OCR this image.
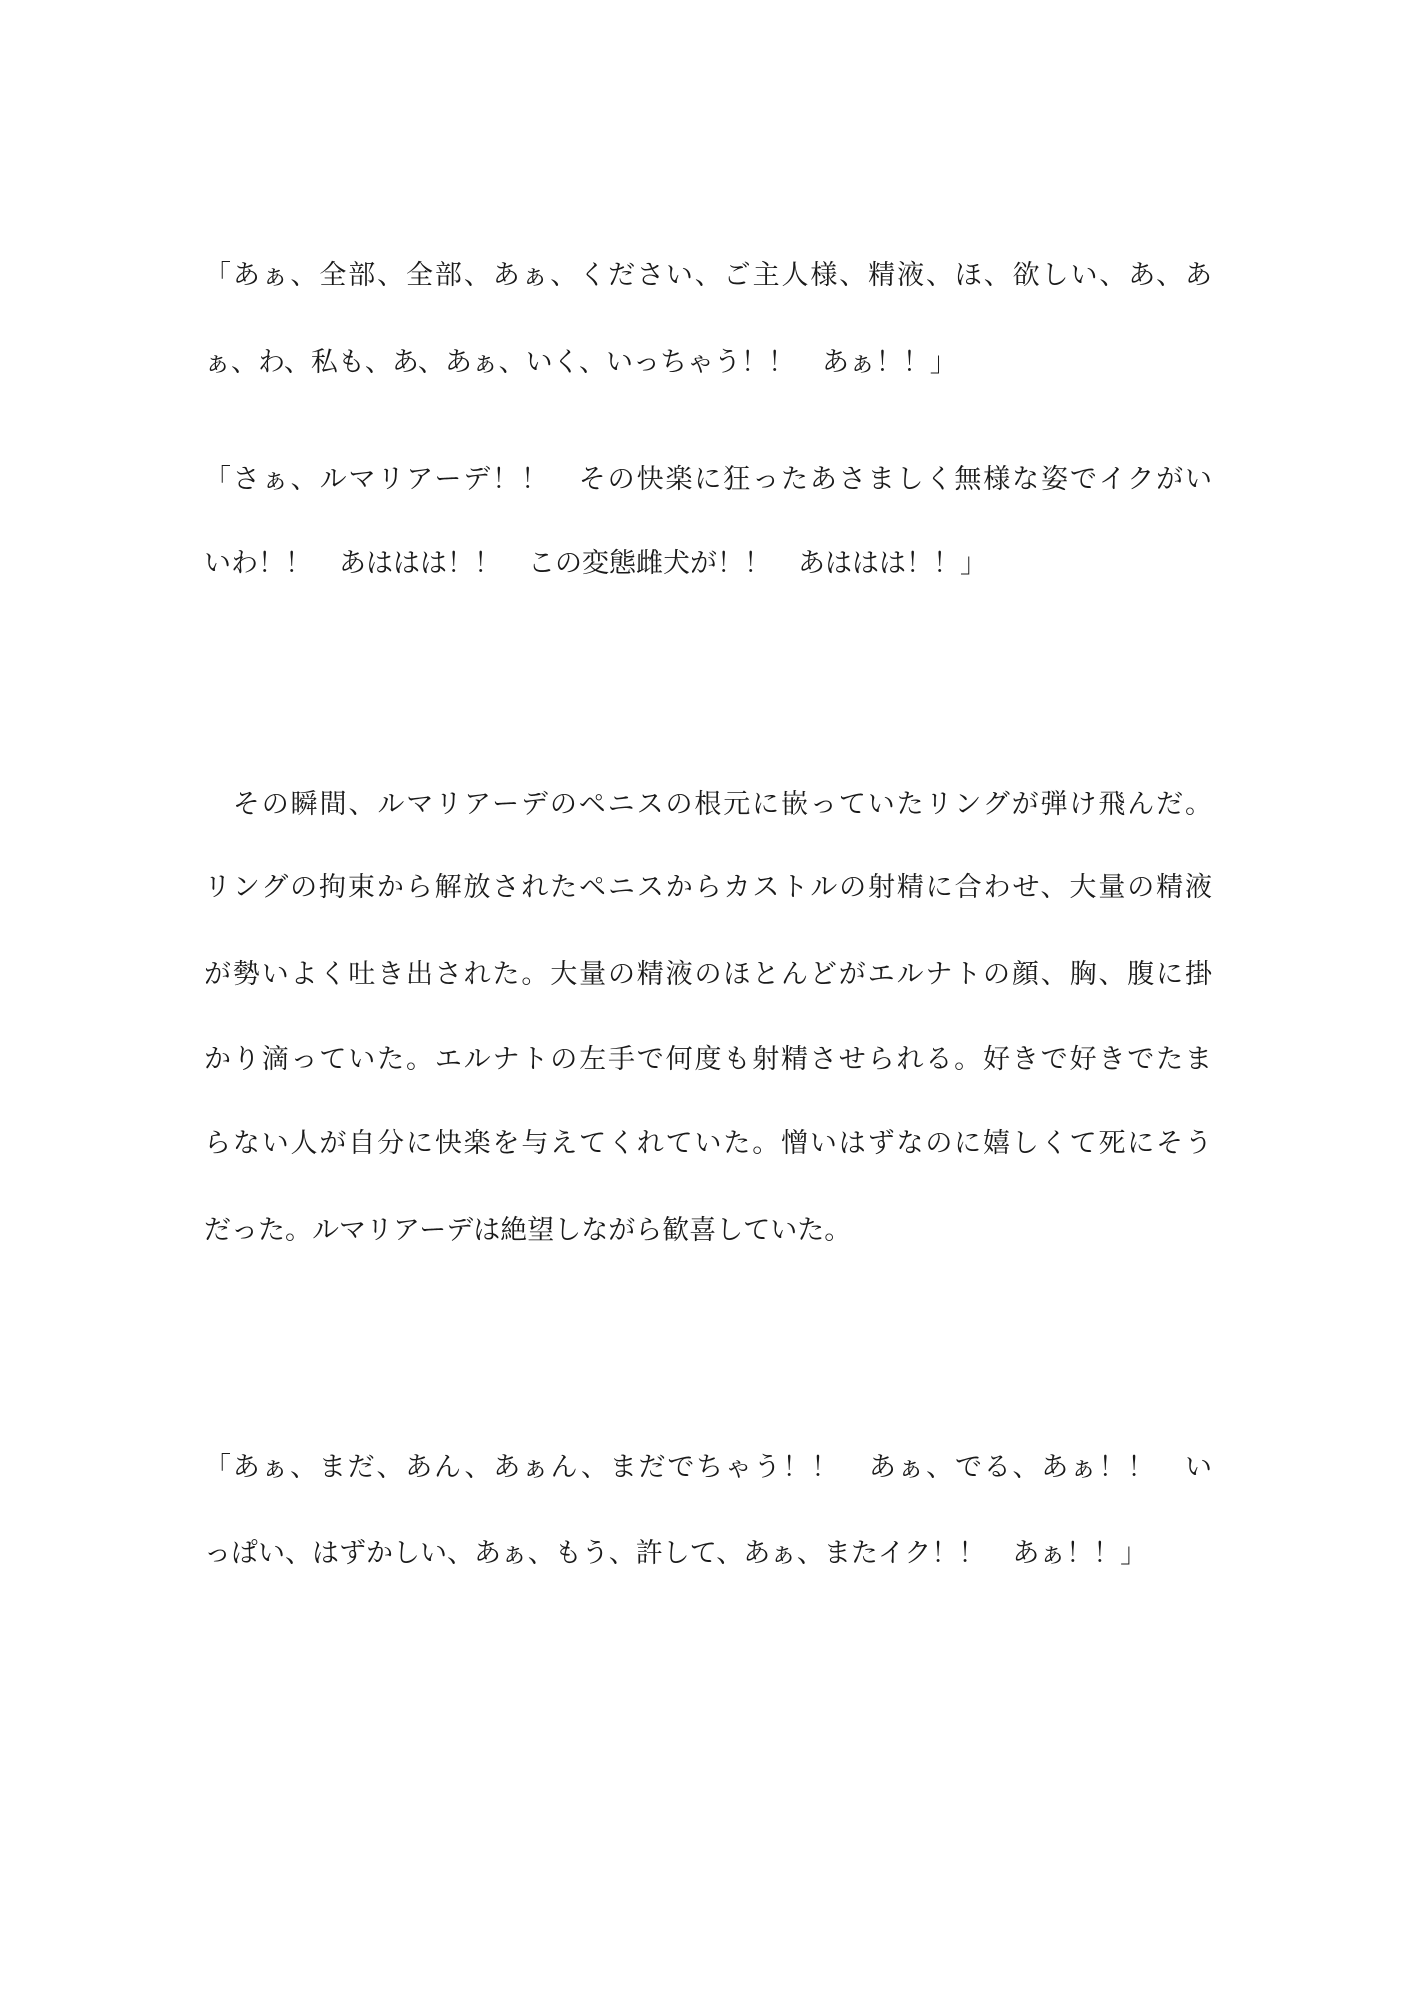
「あぁ、全部、全部、あぁ、ください、ご主人様、精液、ほ、欲しい、あ、あ
ぁ、わ、私も、あ、あぁ、いく、いっちゃう！！　あぁ！！」
「さぁ、ルマリアーデ！！　その快楽に狂ったあさましく無様な姿でイクがい
いわ！！　あははは！！　この変態雌犬が！！　あははは！！」
　その瞬間、ルマリアーデのペニスの根元に嵌っていたリングが弾け飛んだ。
リングの拘束から解放されたペニスからカストルの射精に合わせ、大量の精液
が勢いよく吐き出された。大量の精液のほとんどがエルナトの顔、胸、腹に掛
かり滴っていた。エルナトの左手で何度も射精させられる。好きで好きでたま
らない人が自分に快楽を与えてくれていた。憎いはずなのに嬉しくて死にそう
だった。ルマリアーデは絶望しながら歓喜していた。
「あぁ、まだ、あん、あぁん、まだでちゃう！！　あぁ、でる、あぁ！！　い
っぱい、はずかしい、あぁ、もう、許して、あぁ、またイク！！　あぁ！！」
